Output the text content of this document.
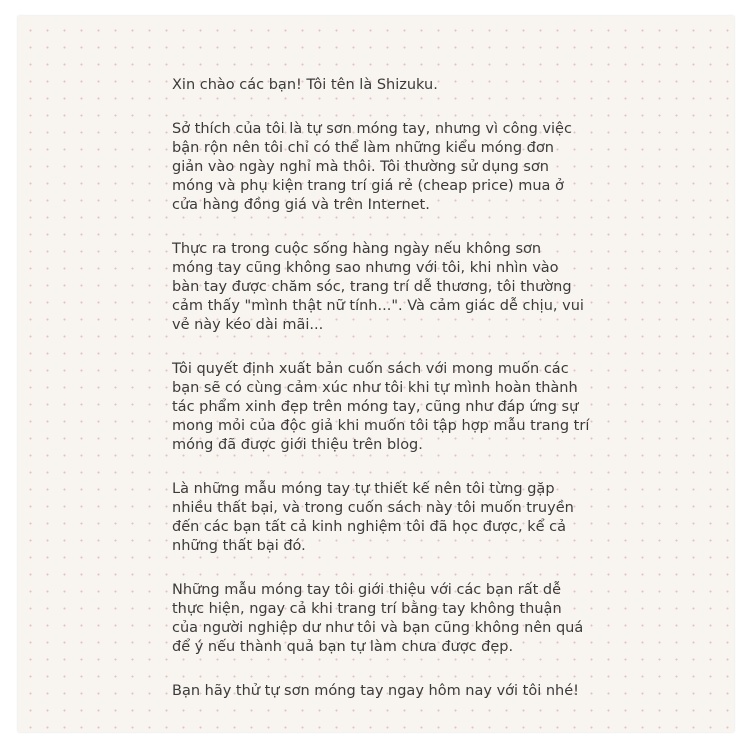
Xin chào các bạn! Tôi tên là Shizuku.
Sở thích của tôi là tự sơn móng tay, nhưng vì công việc
bận rộn nên tôi chỉ có thể làm những kiểu móng đơn
giản vào ngày nghỉ mà thôi. Tôi thường sử dụng sơn
móng và phụ kiện trang trí giá rẻ (cheap price) mua ở
cửa hàng đồng giá và trên Internet.
Thực ra trong cuộc sống hàng ngày nếu không sơn
móng tay cũng không sao nhưng với tôi, khi nhìn vào
bàn tay được chăm sóc, trang trí dễ thương, tôi thường
cảm thấy "mình thật nữ tính...". Và cảm giác dễ chịu, vui
vẻ này kéo dài mãi...
Tôi quyết định xuất bản cuốn sách với mong muốn các
bạn sẽ có cùng cảm xúc như tôi khi tự mình hoàn thành
tác phẩm xinh đẹp trên móng tay, cũng như đáp ứng sự
mong mỏi của độc giả khi muốn tôi tập hợp mẫu trang trí
móng đã được giới thiệu trên blog.
Là những mẫu móng tay tự thiết kế nên tôi từng gặp
nhiều thất bại, và trong cuốn sách này tôi muốn truyền
đến các bạn tất cả kinh nghiệm tôi đã học được, kể cả
những thất bại đó.
Những mẫu móng tay tôi giới thiệu với các bạn rất dễ
thực hiện, ngay cả khi trang trí bằng tay không thuận
của người nghiệp dư như tôi và bạn cũng không nên quá
để ý nếu thành quả bạn tự làm chưa được đẹp.
Bạn hãy thử tự sơn móng tay ngay hôm nay với tôi nhé!
